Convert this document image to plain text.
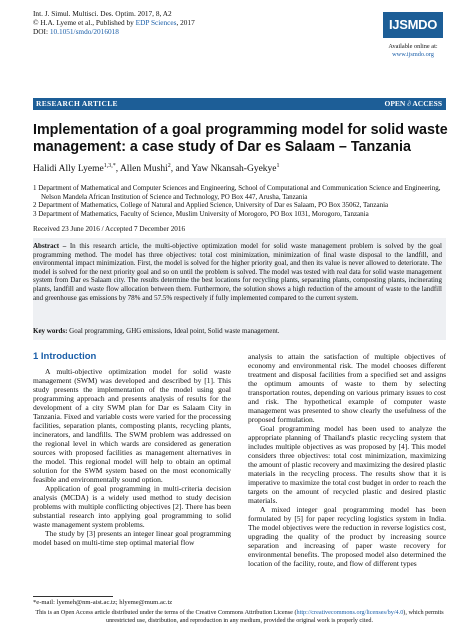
Int. J. Simul. Multisci. Des. Optim. 2017, 8, A2
© H.A. Lyeme et al., Published by EDP Sciences, 2017
DOI: 10.1051/smdo/2016018	IJSMDO
Available online at:
www.ijsmdo.org
RESEARCH ARTICLE	OPEN ∂ ACCESS
Implementation of a goal programming model for solid waste management: a case study of Dar es Salaam – Tanzania
Halidi Ally Lyeme$^{1,3,*}$, Allen Mushi$^2$, and Yaw Nkansah-Gyekye$^1$

1 Department of Mathematical and Computer Sciences and Engineering, School of Computational and Communication Science and Engineering, Nelson Mandela African Institution of Science and Technology, PO Box 447, Arusha, Tanzania

2 Department of Mathematics, College of Natural and Applied Science, University of Dar es Salaam, PO Box 35062, Tanzania

3 Department of Mathematics, Faculty of Science, Muslim University of Morogoro, PO Box 1031, Morogoro, Tanzania

Received 23 June 2016 / Accepted 7 December 2016
Abstract – In this research article, the multi-objective optimization model for solid waste management problem is solved by the goal programming method. The model has three objectives: total cost minimization, minimization of final waste disposal to the landfill, and environmental impact minimization. First, the model is solved for the higher priority goal, and then its value is never allowed to deteriorate. The model is solved for the next priority goal and so on until the problem is solved. The model was tested with real data for solid waste management system from Dar es Salaam city. The results determine the best locations for recycling plants, separating plants, composting plants, incinerating plants, landfill and waste flow allocation between them. Furthermore, the solution shows a high reduction of the amount of waste to the landfill and greenhouse gas emissions by 78% and 57.5% respectively if fully implemented compared to the current system.
Key words: Goal programming, GHG emissions, Ideal point, Solid waste management.
1 Introduction

A multi-objective optimization model for solid waste management (SWM) was developed and described by [1]. This study presents the implementation of the model using goal programming approach and presents analysis of results for the development of a city SWM plan for Dar es Salaam City in Tanzania. Fixed and variable costs were varied for the processing facilities, separation plants, composting plants, recycling plants, incinerators, and landfills. The SWM problem was addressed on the regional level in which wards are considered as generation sources with proposed facilities as management alternatives in the model. This regional model will help to obtain an optimal solution for the SWM system based on the most economically feasible and environmentally sound option.

Application of goal programming in multi-criteria decision analysis (MCDA) is a widely used method to study decision problems with multiple conflicting objectives [2]. There has been substantial research into applying goal programming to solid waste management system problems.

The study by [3] presents an integer linear goal programming model based on multi-time step optimal material flow

analysis to attain the satisfaction of multiple objectives of economy and environmental risk. The model chooses different treatment and disposal facilities from a specified set and assigns the optimum amounts of waste to them by selecting transportation routes, depending on various primary issues to cost and risk. The hypothetical example of computer waste management was presented to show clearly the usefulness of the proposed formulation.

Goal programming model has been used to analyze the appropriate planning of Thailand's plastic recycling system that includes multiple objectives as was proposed by [4]. This model considers three objectives: total cost minimization, maximizing the amount of plastic recovery and maximizing the desired plastic materials in the recycling process. The results show that it is imperative to maximize the total cost budget in order to reach the targets on the amount of recycled plastic and desired plastic materials.

A mixed integer goal programming model has been formulated by [5] for paper recycling logistics system in India. The model objectives were the reduction in reverse logistics cost, upgrading the quality of the product by increasing source separation and increasing of paper waste recovery for environmental benefits. The proposed model also determined the location of the facility, route, and flow of different types

*e-mail: lyemeh@nm-aist.ac.tz; hlyeme@mum.ac.tz
This is an Open Access article distributed under the terms of the Creative Commons Attribution License (http://creativecommons.org/licenses/by/4.0), which permits unrestricted use, distribution, and reproduction in any medium, provided the original work is properly cited.
